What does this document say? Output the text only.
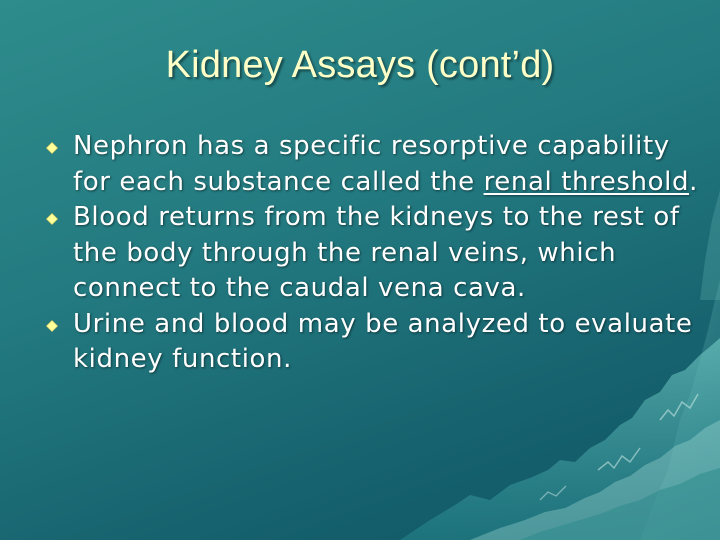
Kidney Assays (cont’d)
Nephron has a specific resorptive capability for each substance called the renal threshold.
Blood returns from the kidneys to the rest of the body through the renal veins, which connect to the caudal vena cava.
Urine and blood may be analyzed to evaluate kidney function.
